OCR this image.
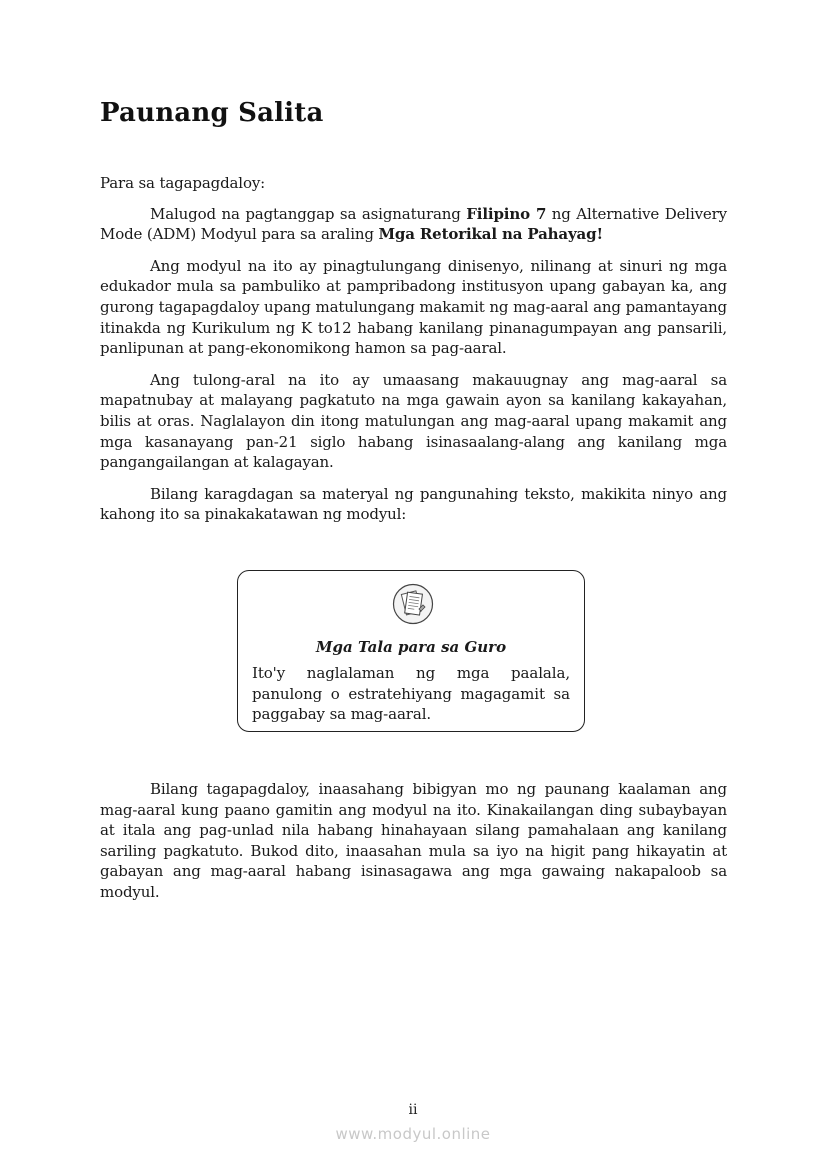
Paunang Salita

Para sa tagapagdaloy:

Malugod na pagtanggap sa asignaturang Filipino 7 ng Alternative Delivery Mode (ADM) Modyul para sa araling Mga Retorikal na Pahayag!

Ang modyul na ito ay pinagtulungang dinisenyo, nilinang at sinuri ng mga edukador mula sa pambuliko at pampribadong institusyon upang gabayan ka, ang gurong tagapagdaloy upang matulungang makamit ng mag-aaral ang pamantayang itinakda ng Kurikulum ng K to12 habang kanilang pinanagumpayan ang pansarili, panlipunan at pang-ekonomikong hamon sa pag-aaral.

Ang tulong-aral na ito ay umaasang makauugnay ang mag-aaral sa mapatnubay at malayang pagkatuto na mga gawain ayon sa kanilang kakayahan, bilis at oras. Naglalayon din itong matulungan ang mag-aaral upang makamit ang mga kasanayang pan-21 siglo habang isinasaalang-alang ang kanilang mga pangangailangan at kalagayan.

Bilang karagdagan sa materyal ng pangunahing teksto, makikita ninyo ang kahong ito sa pinakakatawan ng modyul:

Mga Tala para sa Guro
Ito'y naglalaman ng mga paalala, panulong o estratehiyang magagamit sa paggabay sa mag-aaral.

Bilang tagapagdaloy, inaasahang bibigyan mo ng paunang kaalaman ang mag-aaral kung paano gamitin ang modyul na ito. Kinakailangan ding subaybayan at itala ang pag-unlad nila habang hinahayaan silang pamahalaan ang kanilang sariling pagkatuto. Bukod dito, inaasahan mula sa iyo na higit pang hikayatin at gabayan ang mag-aaral habang isinasagawa ang mga gawaing nakapaloob sa modyul.

ii
www.modyul.online
